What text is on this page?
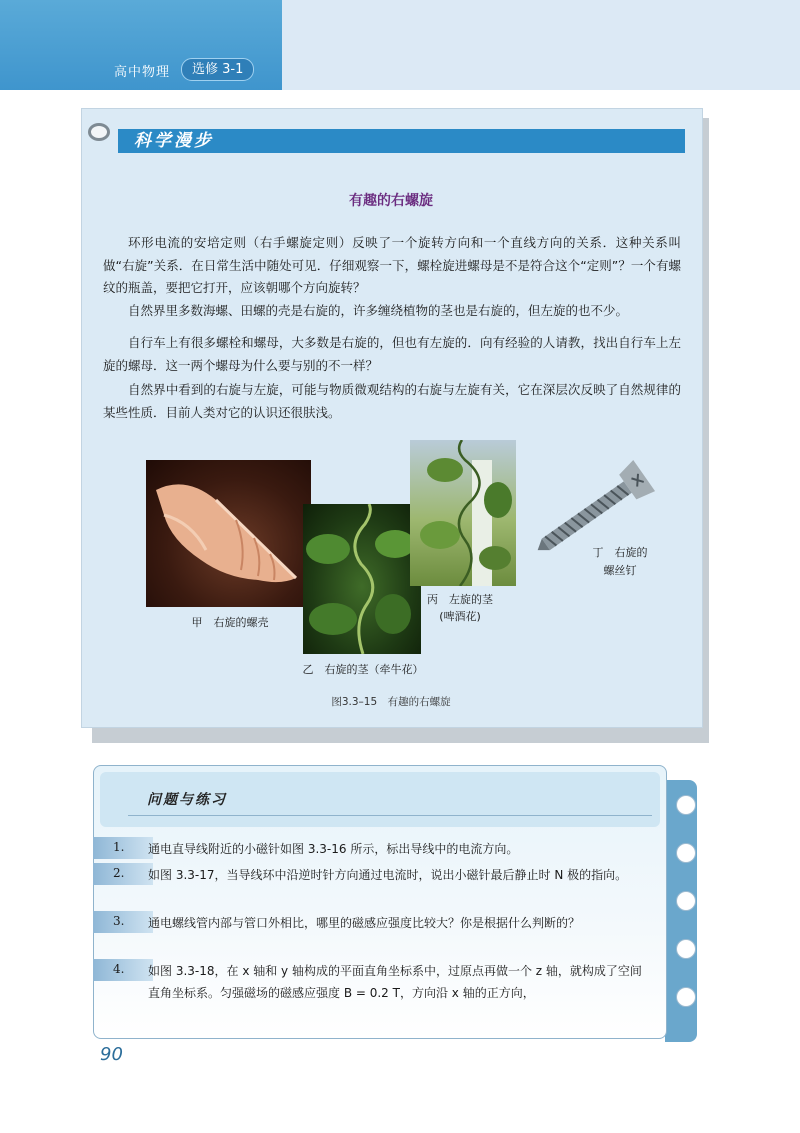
高中物理	选修 3-1
科学漫步
有趣的右螺旋

环形电流的安培定则（右手螺旋定则）反映了一个旋转方向和一个直线方向的关系．这种关系叫做“右旋”关系．在日常生活中随处可见．仔细观察一下，螺栓旋进螺母是不是符合这个“定则”？一个有螺纹的瓶盖，要把它打开，应该朝哪个方向旋转？

自然界里多数海螺、田螺的壳是右旋的，许多缠绕植物的茎也是右旋的，但左旋的也不少。

自行车上有很多螺栓和螺母，大多数是右旋的，但也有左旋的．向有经验的人请教，找出自行车上左旋的螺母．这一两个螺母为什么要与别的不一样？

自然界中看到的右旋与左旋，可能与物质微观结构的右旋与左旋有关，它在深层次反映了自然规律的某些性质．目前人类对它的认识还很肤浅。

甲　右旋的螺壳
乙　右旋的茎（牵牛花）
丙　左旋的茎
(啤酒花)
丁　右旋的
螺丝钉
图3.3–15　有趣的右螺旋
问题与练习
1. 通电直导线附近的小磁针如图 3.3-16 所示，标出导线中的电流方向。

2. 如图 3.3-17，当导线环中沿逆时针方向通过电流时，说出小磁针最后静止时 N 极的指向。

3. 通电螺线管内部与管口外相比，哪里的磁感应强度比较大？你是根据什么判断的？

4. 如图 3.3-18，在 x 轴和 y 轴构成的平面直角坐标系中，过原点再做一个 z 轴，就构成了空间直角坐标系。匀强磁场的磁感应强度 B = 0.2 T，方向沿 x 轴的正方向，

90
